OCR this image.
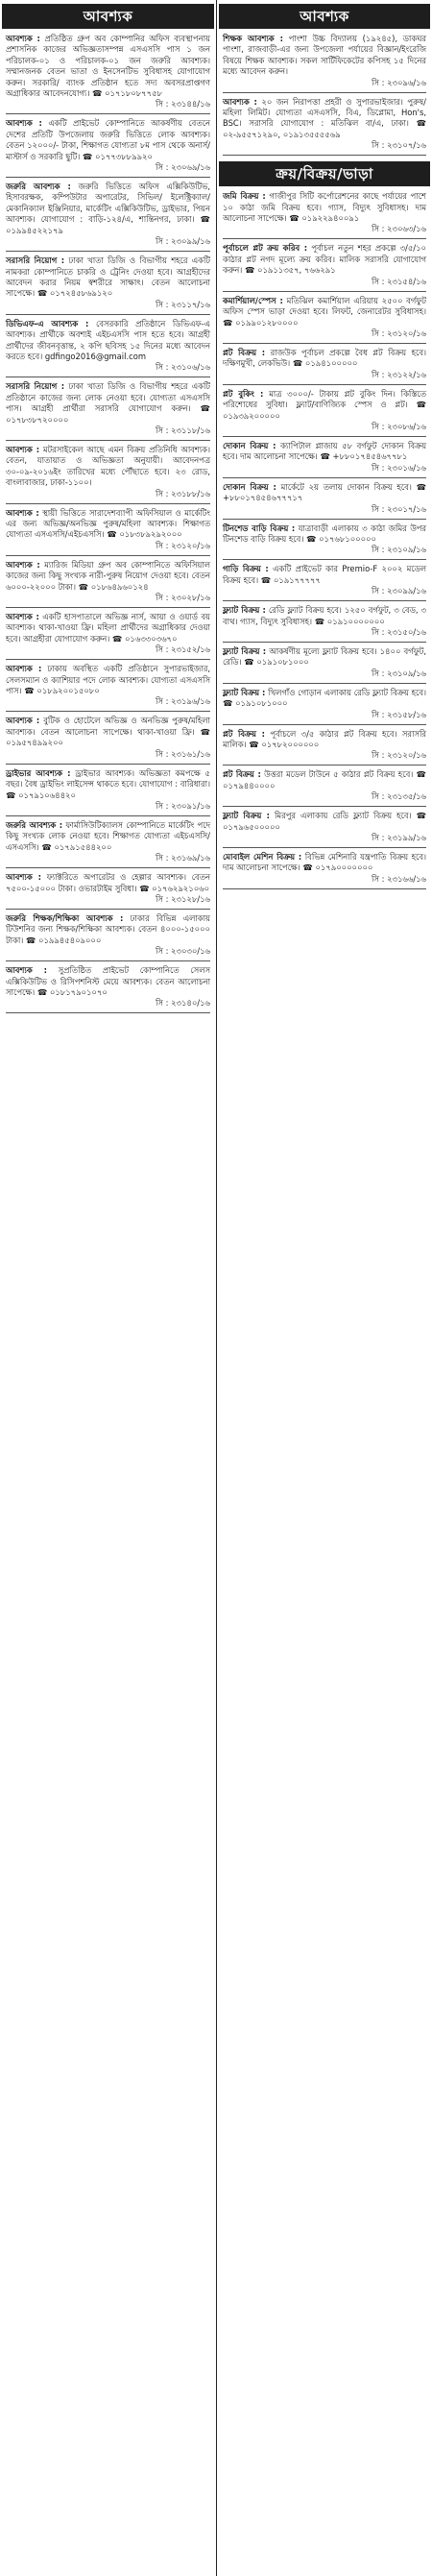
আবশ্যক
আবশ্যক : প্রতিষ্ঠিত গ্রুপ অব কোম্পানির অফিস ব্যবস্থাপনায় প্রশাসনিক কাজের অভিজ্ঞতাসম্পন্ন এসএসসি পাস ১ জন পরিচালক-০১ ও পরিচালক-০১ জন জরুরি আবশ্যক। সম্মানজনক বেতন ভাতা ও ইনসেনটিভ সুবিধাসহ যোগাযোগ করুন। সরকারি/ ব্যাংক প্রতিষ্ঠান হতে সদ্য অবসরপ্রাপ্তগণ অগ্রাধিকার আবেদনযোগ্য। ☎ ০১৭১৮০৮৭৭৫৮
সি : ২৩১৪৪/১৬
আবশ্যক : একটি প্রাইভেট কোম্পানিতে আকর্ষণীয় বেতনে দেশের প্রতিটি উপজেলায় জরুরি ভিত্তিতে লোক আবশ্যক। বেতন ১২০০০/- টাকা, শিক্ষাগত যোগ্যতা ৮ম পাস থেকে অনার্স/মাস্টার্স ও সরকারি ছুটি। ☎ ০১৭৭৩৮৮৯৯২০
সি : ২৩০৬৯/১৬
জরুরি আবশ্যক : জরুরি ভিত্তিতে অফিস এক্সিকিউটিভ, হিসাবরক্ষক, কম্পিউটার অপারেটর, সিভিল/ ইলেক্ট্রিক্যাল/মেকানিক্যাল ইঞ্জিনিয়ার, মার্কেটিং এক্সিকিউটিভ, ড্রাইভার, পিয়ন আবশ্যক। যোগাযোগ : বাড়ি-১২৪/এ, শান্তিনগর, ঢাকা। ☎ ০১৯৯৪৫২২১৭৯
সি : ২৩০৯৯/১৬
সরাসরি নিয়োগ : ঢাকা খাতা ডিজি ও বিভাগীয় শহরে একটি নামকরা কোম্পানিতে চাকরি ও ট্রেনিং দেওয়া হবে। আগ্রহীদের আবেদন করার নিয়ম স্বশরীরে সাক্ষাৎ। বেতন আলোচনা সাপেক্ষে। ☎ ০১৭২৪৫৮৬৯১২০
সি : ২৩১১৭/১৬
ডিভিএফ-এ আবশ্যক : বেসরকারি প্রতিষ্ঠানে ডিভিএফ-এ আবশ্যক। প্রার্থীকে অবশ্যই এইচএসসি পাস হতে হবে। আগ্রহী প্রার্থীদের জীবনবৃত্তান্ত, ২ কপি ছবিসহ ১৫ দিনের মধ্যে আবেদন করতে হবে। gdfingo2016@gmail.com
সি : ২৩১০৬/১৬
সরাসরি নিয়োগ : ঢাকা খাতা ডিজি ও বিভাগীয় শহরে একটি প্রতিষ্ঠানে কাজের জন্য লোক নেওয়া হবে। যোগ্যতা এসএসসি পাস। আগ্রহী প্রার্থীরা সরাসরি যোগাযোগ করুন। ☎ ০১৭৮৩৮৭২০০০০
সি : ২৩১১৮/১৬
আবশ্যক : মটরসাইকেল আছে এমন বিক্রয় প্রতিনিধি আবশ্যক। বেতন, যাতায়াত ও অভিজ্ঞতা অনুযায়ী। আবেদনপত্র ৩০-০৯-২০১৬ইং তারিখের মধ্যে পৌঁছাতে হবে। ২৩ রোড, বাংলাবাজার, ঢাকা-১১০০।
সি : ২৩১৮৮/১৬
আবশ্যক : স্থায়ী ভিত্তিতে সারাদেশব্যাপী অফিসিয়াল ও মার্কেটিং এর জন্য অভিজ্ঞ/অনভিজ্ঞ পুরুষ/মহিলা আবশ্যক। শিক্ষাগত যোগ্যতা এসএসসি/এইচএসসি। ☎ ০১৮৩৮৯২৯২০০০
সি : ২৩১২০/১৬
আবশ্যক : ম্যারিজ মিডিয়া গ্রুপ অব কোম্পানিতে অফিসিয়াল কাজের জন্য কিছু সংখ্যক নারী-পুরুষ নিয়োগ দেওয়া হবে। বেতন ৬০০০-২২০০০ টাকা। ☎ ০১৮৬৪৯৬০১২৪
সি : ২৩০২৮/১৬
আবশ্যক : একটি হাসপাতালে অভিজ্ঞ নার্স, আয়া ও ওয়ার্ড বয় আবশ্যক। থাকা-খাওয়া ফ্রি। মহিলা প্রার্থীদের অগ্রাধিকার দেওয়া হবে। আগ্রহীরা যোগাযোগ করুন। ☎ ০১৬৩৩০৩৬৭০
সি : ২৩১৫২/১৬
আবশ্যক : ঢাকায় অবস্থিত একটি প্রতিষ্ঠানে সুপারভাইজার, সেলসম্যান ও ক্যাশিয়ার পদে লোক আবশ্যক। যোগ্যতা এসএসসি পাস। ☎ ০১৮৯২০০১৫০৮০
সি : ২৩১৯৬/১৬
আবশ্যক : বুটিক ও হোটেলে অভিজ্ঞ ও অনভিজ্ঞ পুরুষ/মহিলা আবশ্যক। বেতন আলোচনা সাপেক্ষে। থাকা-খাওয়া ফ্রি। ☎ ০১৯৫৭৪৯৯২০০
সি : ২৩১৬১/১৬
ড্রাইভার আবশ্যক : ড্রাইভার আবশ্যক। অভিজ্ঞতা কমপক্ষে ৫ বছর। বৈধ ড্রাইভিং লাইসেন্স থাকতে হবে। যোগাযোগ : বারিধারা। ☎ ০১৭৯১০৬৪৪২০
সি : ২৩০৯১/১৬
জরুরি আবশ্যক : ফার্মাসিউটিক্যালস কোম্পানিতে মার্কেটিং পদে কিছু সংখ্যক লোক নেওয়া হবে। শিক্ষাগত যোগ্যতা এইচএসসি/এসএসসি। ☎ ০১৭৯১৫৪৪২০০
সি : ২৩১৬৯/১৬
আবশ্যক : ফ্যাক্টরিতে অপারেটর ও হেল্পার আবশ্যক। বেতন ৭৫০০-১৫০০০ টাকা। ওভারটাইম সুবিধা। ☎ ০১৭৬২৯২১০৬০
সি : ২৩১২৮/১৬
জরুরি শিক্ষক/শিক্ষিকা আবশ্যক : ঢাকার বিভিন্ন এলাকায় টিউশনির জন্য শিক্ষক/শিক্ষিকা আবশ্যক। বেতন ৪০০০-১৫০০০ টাকা। ☎ ০১৯৯৪৫৪০৯০০০
সি : ২৩০৩০/১৬
আবশ্যক : সুপ্রতিষ্ঠিত প্রাইভেট কোম্পানিতে সেলস এক্সিকিউটিভ ও রিসিপশনিস্ট মেয়ে আবশ্যক। বেতন আলোচনা সাপেক্ষে। ☎ ০১৮১৭৯০১০৭০
সি : ২৩১৪০/১৬
আবশ্যক
শিক্ষক আবশ্যক : পাংশা উচ্চ বিদ্যালয় (১৯২৪৫), ডাকঘর পাংশা, রাজবাড়ী-এর জন্য উপজেলা পর্যায়ের বিজ্ঞান/ইংরেজি বিষয়ে শিক্ষক আবশ্যক। সকল সার্টিফিকেটের কপিসহ ১৫ দিনের মধ্যে আবেদন করুন।
সি : ২৩০৯৬/১৬
আবশ্যক : ২০ জন নিরাপত্তা প্রহরী ও সুপারভাইজার। পুরুষ/মহিলা লিমিট। যোগ্যতা এসএসসি, বিএ, ডিপ্লোমা, Hon's, BSC। সরাসরি যোগাযোগ : মতিঝিল বা/এ, ঢাকা। ☎ ০২-৯৫৫৭১২৯০, ০১৯১৩৫৫৫৫৬৯
সি : ২৩১০৭/১৬
ক্রয়/বিক্রয়/ভাড়া
জমি বিক্রয় : গাজীপুর সিটি কর্পোরেশনের কাছে পর্যায়ের পাশে ১০ কাঠা জমি বিক্রয় হবে। গ্যাস, বিদ্যুৎ সুবিধাসহ। দাম আলোচনা সাপেক্ষে। ☎ ০১৯২২৯৪০০৯১
সি : ২৩০৬৩/১৬
পূর্বাচলে প্লট ক্রয় করিব : পূর্বাচল নতুন শহর প্রকল্পে ৩/৫/১০ কাঠার প্লট নগদ মূল্যে ক্রয় করিব। মালিক সরাসরি যোগাযোগ করুন। ☎ ০১৯১১৩৫৭, ৭৬৬২৯১
সি : ২৩১৫৪/১৬
কমার্শিয়াল/স্পেস : মতিঝিল কমার্শিয়াল এরিয়ায় ২৫০০ বর্গফুট অফিস স্পেস ভাড়া দেওয়া হবে। লিফট, জেনারেটর সুবিধাসহ। ☎ ০১৯৯০১২৮০০০০
সি : ২৩১২০/১৬
প্লট বিক্রয় : রাজউক পূর্বাচল প্রকল্পে বৈধ প্লট বিক্রয় হবে। দক্ষিণমুখী, লেকভিউ। ☎ ০১৯৪১০০০০০
সি : ২৩১২২/১৬
প্লট বুকিং : মাত্র ৩০০০/- টাকায় প্লট বুকিং দিন। কিস্তিতে পরিশোধের সুবিধা। ফ্ল্যাট/বাণিজ্যিক স্পেস ও প্লট। ☎ ০১৯৩৯২০০০০০
সি : ২৩০৮৬/১৬
দোকান বিক্রয় : ক্যাপিটাল প্লাজায় ৫৮ বর্গফুট দোকান বিক্রয় হবে। দাম আলোচনা সাপেক্ষে। ☎ +৮৮০১৭৪৫৪৬৭৭৮১
সি : ২৩০১৬/১৬
দোকান বিক্রয় : মার্কেটে ২য় তলায় দোকান বিক্রয় হবে। ☎ +৮৮০১৭৪৫৪৬৭৭৭১৭
সি : ২৩০১৭/১৬
টিনশেড বাড়ি বিক্রয় : যাত্রাবাড়ী এলাকায় ৩ কাঠা জমির উপর টিনশেড বাড়ি বিক্রয় হবে। ☎ ০১৭৬৮১০০০০০
সি : ২৩১০৯/১৬
গাড়ি বিক্রয় : একটি প্রাইভেট কার Premio-F ২০০২ মডেল বিক্রয় হবে। ☎ ০১৯১৭৭৭৭৭
সি : ২৩০৯৯/১৬
ফ্ল্যাট বিক্রয় : রেডি ফ্ল্যাট বিক্রয় হবে। ১২৫০ বর্গফুট, ৩ বেড, ৩ বাথ। গ্যাস, বিদ্যুৎ সুবিধাসহ। ☎ ০১৯১০০০০০০০
সি : ২৩১৫০/১৬
ফ্ল্যাট বিক্রয় : আকর্ষণীয় মূল্যে ফ্ল্যাট বিক্রয় হবে। ১৪০০ বর্গফুট, রেডি। ☎ ০১৯১০৮১০০০
সি : ২৩১০৯/১৬
ফ্ল্যাট বিক্রয় : খিলগাঁও গোড়ান এলাকায় রেডি ফ্ল্যাট বিক্রয় হবে। ☎ ০১৯১০৮১০০০
সি : ২৩১৫৮/১৬
প্লট বিক্রয় : পূর্বাচলে ৩/৫ কাঠার প্লট বিক্রয় হবে। সরাসরি মালিক। ☎ ০১৭৮২০০০০০০
সি : ২৩১২০/১৬
প্লট বিক্রয় : উত্তরা মডেল টাউনে ৫ কাঠার প্লট বিক্রয় হবে। ☎ ০১৭৯৪৪০০০০
সি : ২৩১৩৫/১৬
ফ্ল্যাট বিক্রয় : মিরপুর এলাকায় রেডি ফ্ল্যাট বিক্রয় হবে। ☎ ০১৭৯৬৫০০০০০
সি : ২৩১৯৯/১৬
মোবাইল মেশিন বিক্রয় : বিভিন্ন মেশিনারি যন্ত্রপাতি বিক্রয় হবে। দাম আলোচনা সাপেক্ষে। ☎ ০১৭৯০০০০০০০
সি : ২৩১৬৬/১৬
